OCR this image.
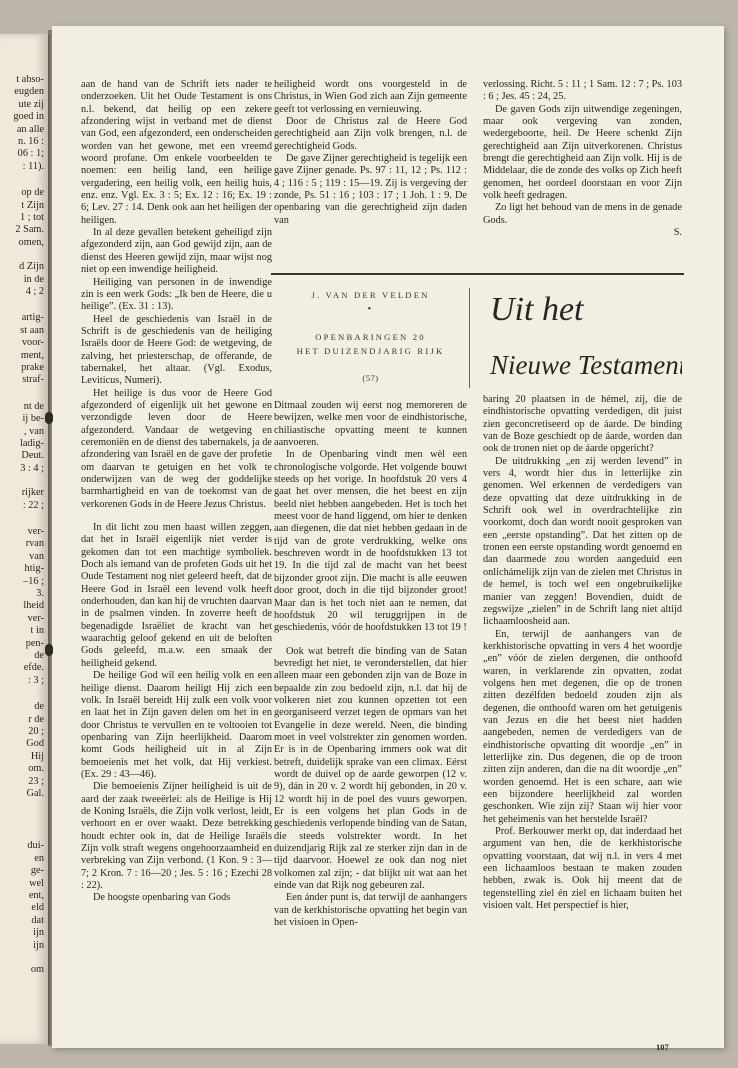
t abso-
eugden
ute zij
goed in
an alle
n. 16 :
06 : 1;
: 11).
op de
t Zijn
1 ; tot
2 Sam.
omen,
d Zijn
in de
4 ; 2
artig-
st aan
voor-
ment,
prake
straf-
nt de
ij be-
, van
ladig-
Deut.
3 : 4 ;
rijker
: 22 ;
ver-
rvan
van
htig-
–16 ;
3.
lheid
ver-
t in
pen-
de
efde.
: 3 ;
de
r de
20 ;
God
Hij
om.
23 ;
Gal.
dui-
en
ge-
wel
ent,
eld
dat
ijn
ijn
om

aan de hand van de Schrift iets nader te onderzoeken. Uit het Oude Testament is ons n.l. bekend, dat heilig op een zekere afzondering wijst in verband met de dienst van God, een afgezonderd, een onderscheiden worden van het gewone, met een vreemd woord profane. Om enkele voorbeelden te noemen: een heilig land, een heilige vergadering, een heilig volk, een heilig huis, enz. enz. Vgl. Ex. 3 : 5; Ex. 12 : 16; Ex. 19 : 6; Lev. 27 : 14. Denk ook aan het heiligen der heiligen.

In al deze gevallen betekent geheiligd zijn afgezonderd zijn, aan God gewijd zijn, aan de dienst des Heeren gewijd zijn, maar wijst nog niet op een inwendige heiligheid.

Heiliging van personen in de inwendige zin is een werk Gods: „Ik ben de Heere, die u heilige”. (Ex. 31 : 13).

Heel de geschiedenis van Israël in de Schrift is de geschiedenis van de heiliging Israëls door de Heere God: de wetgeving, de zalving, het priesterschap, de offerande, de tabernakel, het altaar. (Vgl. Exodus, Leviticus, Numeri).

Het heilige is dus voor de Heere God afgezonderd of eigenlijk uit het gewone en verzondigde leven door de Heere afgezonderd. Vandaar de wetgeving en ceremoniën en de dienst des tabernakels, ja de afzondering van Israël en de gave der profetie om daarvan te getuigen en het volk te onderwijzen van de weg der goddelijke barmhartigheid en van de toekomst van de verkorenen Gods in de Heere Jezus Christus.

In dit licht zou men haast willen zeggen, dat het in Israël eigenlijk niet verder is gekomen dan tot een machtige symboliek. Doch als iemand van de profeten Gods uit het Oude Testament nog niet geleerd heeft, dat de Heere God in Israël een levend volk heeft onderhouden, dan kan hij de vruchten daarvan in de psalmen vinden. In zoverre heeft de begenadigde Israëliet de kracht van het waarachtig geloof gekend en uit de beloften Gods geleefd, m.a.w. een smaak der heiligheid gekend.

De heilige God wil een heilig volk en een heilige dienst. Daarom heiligt Hij zich een volk. In Israël bereidt Hij zulk een volk voor en laat het in Zijn gaven delen om het in en door Christus te vervullen en te voltooien tot openbaring van Zijn heerlijkheid. Daarom komt Gods heiligheid uit in al Zijn bemoeienis met het volk, dat Hij verkiest. (Ex. 29 : 43—46).

Die bemoeienis Zijner heiligheid is uit de aard der zaak tweeërlei: als de Heilige is Hij de Koning Israëls, die Zijn volk verlost, leidt, verhoort en er over waakt. Deze betrekking houdt echter ook in, dat de Heilige Israëls Zijn volk straft wegens ongehoorzaamheid en verbreking van Zijn verbond. (1 Kon. 9 : 3—7; 2 Kron. 7 : 16—20 ; Jes. 5 : 16 ; Ezechi 28 : 22).

De hoogste openbaring van Gods

heiligheid wordt ons voorgesteld in de Christus, in Wien God zich aan Zijn gemeente geeft tot verlossing en vernieuwing.

Door de Christus zal de Heere God gerechtigheid aan Zijn volk brengen, n.l. de gerechtigheid Gods.

De gave Zijner gerechtigheid is tegelijk een gave Zijner genade. Ps. 97 : 11, 12 ; Ps. 112 : 4 ; 116 : 5 ; 119 : 15—19. Zij is vergeving der zonde, Ps. 51 : 16 ; 103 : 17 ; 1 Joh. 1 : 9. De openbaring van die gerechtigheid zijn daden van

verlossing. Richt. 5 : 11 ; 1 Sam. 12 : 7 ; Ps. 103 : 6 ; Jes. 45 : 24, 25.

De gaven Gods zijn uitwendige zegeningen, maar ook vergeving van zonden, wedergeboorte, heil. De Heere schenkt Zijn gerechtigheid aan Zijn uitverkorenen. Christus brengt die gerechtigheid aan Zijn volk. Hij is de Middelaar, die de zonde des volks op Zich heeft genomen, het oordeel doorstaan en voor Zijn volk heeft gedragen.

Zo ligt het behoud van de mens in de genade Gods.

S.

J. VAN DER VELDEN
•
OPENBARINGEN 20
HET DUIZENDJARIG RIJK
(57)
Uit het
Nieuwe Testament

Ditmaal zouden wij eerst nog memoreren de bewijzen, welke men voor de eindhistorische, chiliastische opvatting meent te kunnen aanvoeren.

In de Openbaring vindt men wèl een chronologische volgorde. Het volgende bouwt steeds op het vorige. In hoofdstuk 20 vers 4 gaat het over mensen, die het beest en zijn beeld niet hebben aangebeden. Het is toch het meest voor de hand liggend, om hier te denken aan diegenen, die dat niet hebben gedaan in de tijd van de grote verdrukking, welke ons beschreven wordt in de hoofdstukken 13 tot 19. In die tijd zal de macht van het beest bijzonder groot zijn. Die macht is alle eeuwen door groot, doch in die tijd bijzonder groot! Maar dan is het toch niet aan te nemen, dat hoofdstuk 20 wil teruggrijpen in de geschiedenis, vóór de hoofdstukken 13 tot 19 !

Ook wat betreft die binding van de Satan bevredigt het niet, te veronderstellen, dat hier alleen maar een gebonden zijn van de Boze in bepaalde zin zou bedoeld zijn, n.l. dat hij de volkeren niet zou kunnen opzetten tot een georganiseerd verzet tegen de opmars van het Evangelie in deze wereld. Neen, die binding moet in veel volstrekter zin genomen worden. Er is in de Openbaring immers ook wat dit betreft, duidelijk sprake van een climax. Eérst wordt de duivel op de aarde geworpen (12 v. 9), dán in 20 v. 2 wordt hij gebonden, in 20 v. 12 wordt hij in de poel des vuurs geworpen. Er is een volgens het plan Gods in de geschiedenis verlopende binding van de Satan, die steeds volstrekter wordt. In het duizendjarig Rijk zal ze sterker zijn dan in de tijd daarvoor. Hoewel ze ook dan nog niet volkomen zal zijn; - dat blijkt uit wat aan het einde van dat Rijk nog gebeuren zal.

Een ánder punt is, dat terwijl de aanhangers van de kerkhistorische opvatting het begin van het visioen in Open-

baring 20 plaatsen in de hémel, zij, die de eindhistorische opvatting verdedigen, dit juist zien geconcretiseerd op de áarde. De binding van de Boze geschiedt op de áarde, worden dan ook de tronen niet op de áarde opgericht?

De uitdrukking „en zij werden levend” in vers 4, wordt hier dus in letterlijke zin genomen. Wel erkennen de verdedigers van deze opvatting dat deze uitdrukking in de Schrift ook wel in overdrachtelijke zin voorkomt, doch dan wordt nooit gesproken van een „eerste opstanding”. Dat het zitten op de tronen een eerste opstanding wordt genoemd en dan daarmede zou worden aangeduid een onlichámelijk zijn van de zielen met Christus in de hemel, is toch wel een ongebruikelijke manier van zeggen! Bovendien, duidt de zegswijze „zielen” in de Schrift lang niet altijd lichaamloosheid aan.

En, terwijl de aanhangers van de kerkhistorische opvatting in vers 4 het woordje „en” vóór de zielen dergenen, die onthoofd waren, in verklarende zin opvatten, zodat volgens hen met degenen, die op de tronen zitten dezélfden bedoeld zouden zijn als degenen, die onthoofd waren om het getuigenis van Jezus en die het beest niet hadden aangebeden, nemen de verdedigers van de eindhistorische opvatting dit woordje „en” in letterlijke zin. Dus degenen, die op de troon zitten zijn anderen, dan die na dit woordje „en” worden genoemd. Het is een schare, aan wie een bijzondere heerlijkheid zal worden geschonken. Wie zijn zij? Staan wij hier voor het geheimenis van het herstelde Israël?

Prof. Berkouwer merkt op, dat inderdaad het argument van hen, die de kerkhistorische opvatting voorstaan, dat wij n.l. in vers 4 met een lichaamloos bestaan te maken zouden hebben, zwak is. Ook hij meent dat de tegenstelling ziel én ziel en lichaam buiten het visioen valt. Het perspectief is hier,

107
